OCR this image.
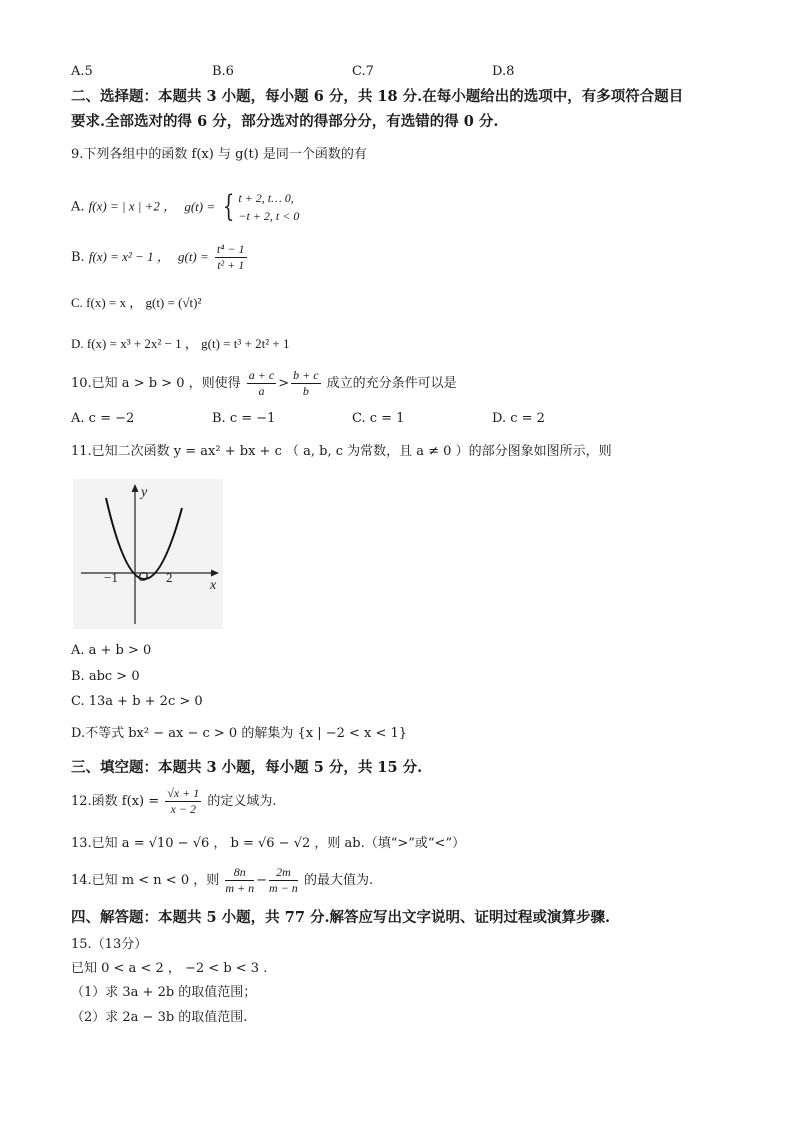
A.5	B.6	C.7	D.8
二、选择题：本题共 3 小题，每小题 6 分，共 18 分.在每小题给出的选项中，有多项符合题目
要求.全部选对的得 6 分，部分选对的得部分分，有选错的得 0 分.
9.下列各组中的函数 f(x) 与 g(t) 是同一个函数的有
A. f(x) = | x | +2 ， g(t) = { t + 2, t… 0,
−t + 2, t < 0
B. f(x) = x² − 1 ， $g(t) = \frac{\text{t⁴ − 1}}{\text{t² + 1}}$
C. f(x) = x ， g(t) = (√t)²
D. f(x) = x³ + 2x² − 1 ， g(t) = t³ + 2t² + 1
10.已知 a > b > 0 ，则使得 $\frac{a + c}{a} > \frac{b + c}{b}$ 成立的充分条件可以是
A. c = −2	B. c = −1	C. c = 1	D. c = 2
11.已知二次函数 y = ax² + bx + c （ a, b, c 为常数，且 a ≠ 0 ）的部分图象如图所示，则
y
x
O
−1	2
A. a + b > 0
B. abc > 0
C. 13a + b + 2c > 0
D.不等式 bx² − ax − c > 0 的解集为 {x | −2 < x < 1}
三、填空题：本题共 3 小题，每小题 5 分，共 15 分.
12.函数 $f(x) = \frac{√x + 1}{x - 2}$ 的定义域为.
13.已知 a = √10 − √6 ， b = √6 − √2 ，则 ab.（填“>”或“<”）
14.已知 m < n < 0 ，则 $\frac{8n}{m + n} - \frac{2m}{m - n}$ 的最大值为.
四、解答题：本题共 5 小题，共 77 分.解答应写出文字说明、证明过程或演算步骤.
15.（13分）
已知 0 < a < 2 ， −2 < b < 3 .
（1）求 3a + 2b 的取值范围；
（2）求 2a − 3b 的取值范围.
